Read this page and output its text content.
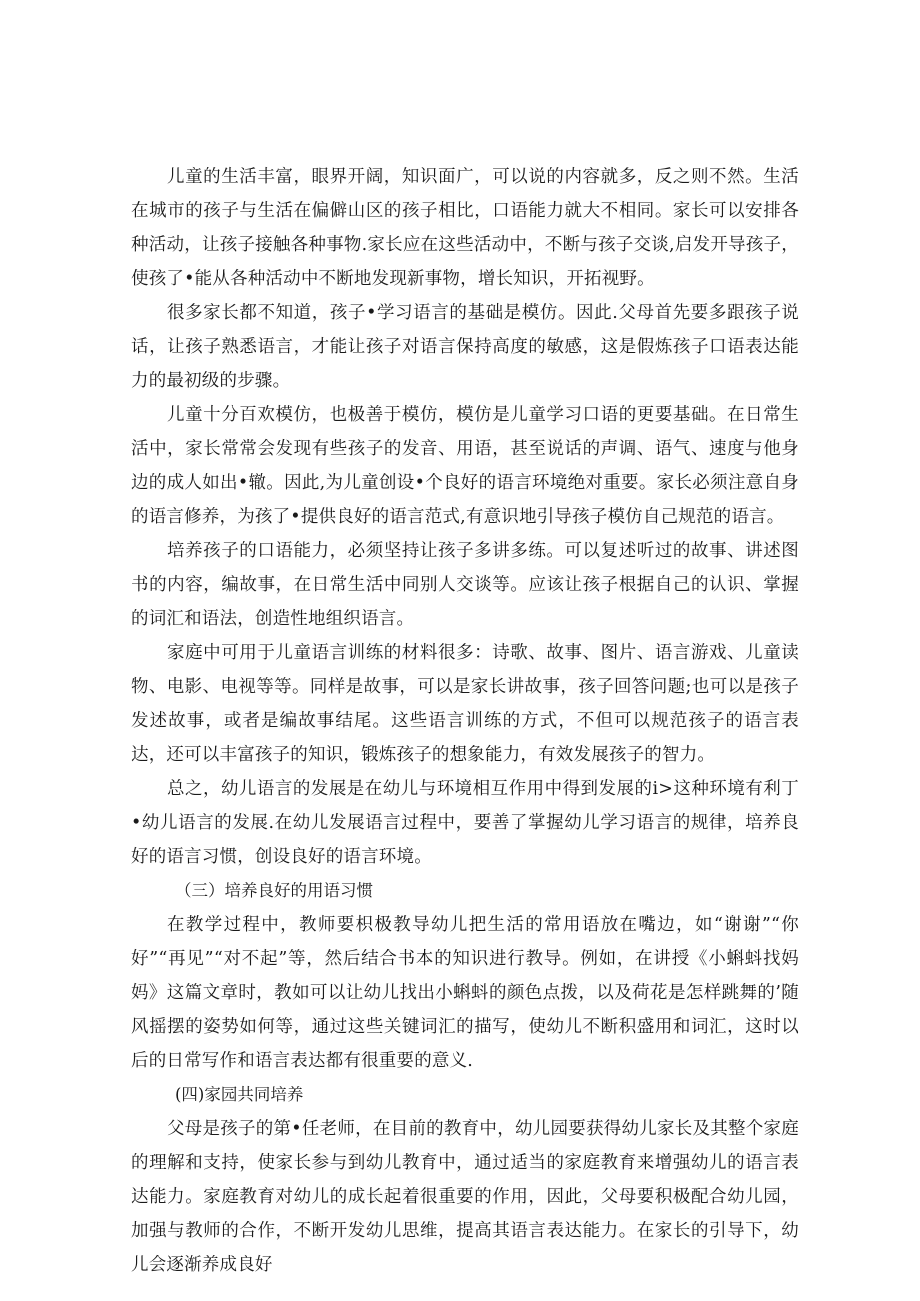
儿童的生活丰富，眼界开阔，知识面广，可以说的内容就多，反之则不然。生活在城市的孩子与生活在偏僻山区的孩子相比，口语能力就大不相同。家长可以安排各种活动，让孩子接触各种事物.家长应在这些活动中，不断与孩子交谈,启发开导孩子，使孩了•能从各种活动中不断地发现新事物，增长知识，开拓视野。

很多家长都不知道，孩子•学习语言的基础是模仿。因此.父母首先要多跟孩子说话，让孩子熟悉语言，才能让孩子对语言保持高度的敏感，这是假炼孩子口语表达能力的最初级的步骤。

儿童十分百欢模仿，也极善于模仿，模仿是儿童学习口语的更要基础。在日常生活中，家长常常会发现有些孩子的发音、用语，甚至说话的声调、语气、速度与他身边的成人如出•辙。因此,为儿童创设•个良好的语言环境绝对重要。家长必须注意自身的语言修养，为孩了•提供良好的语言范式,有意识地引导孩子模仿自己规范的语言。

培养孩子的口语能力，必须坚持让孩子多讲多练。可以复述听过的故事、讲述图书的内容，编故事，在日常生活中同别人交谈等。应该让孩子根据自己的认识、掌握的词汇和语法，创造性地组织语言。

家庭中可用于儿童语言训练的材料很多：诗歌、故事、图片、语言游戏、儿童读物、电影、电视等等。同样是故事，可以是家长讲故事，孩子回答问题;也可以是孩子发述故事，或者是编故事结尾。这些语言训练的方式，不但可以规范孩子的语言表达，还可以丰富孩子的知识，锻炼孩子的想象能力，有效发展孩子的智力。

总之，幼儿语言的发展是在幼儿与环境相互作用中得到发展的i>这种环境有利丁•幼儿语言的发展.在幼儿发展语言过程中，要善了掌握幼儿学习语言的规律，培养良好的语言习惯，创设良好的语言环境。

（三）培养良好的用语习惯

在教学过程中，教师要枳极教导幼儿把生活的常用语放在嘴边，如“谢谢”“你好”“再见”“对不起”等，然后结合书本的知识进行教导。例如，在讲授《小蝌蚪找妈妈》这篇文章时，教如可以让幼儿找出小蝌蚪的颜色点拨，以及荷花是怎样跳舞的’随风摇摆的姿势如何等，通过这些关键词汇的描写，使幼儿不断积盛用和词汇，这时以后的日常写作和语言表达都有很重要的意义.

(四)家园共同培养

父母是孩子的第•任老师，在目前的教育中，幼儿园要获得幼儿家长及其整个家庭的理解和支持，使家长参与到幼儿教育中，通过适当的家庭教育来增强幼儿的语言表达能力。家庭教育对幼儿的成长起着很重要的作用，因此，父母要积极配合幼儿园，加强与教师的合作，不断开发幼儿思维，提高其语言表达能力。在家长的引导下，幼儿会逐渐养成良好
